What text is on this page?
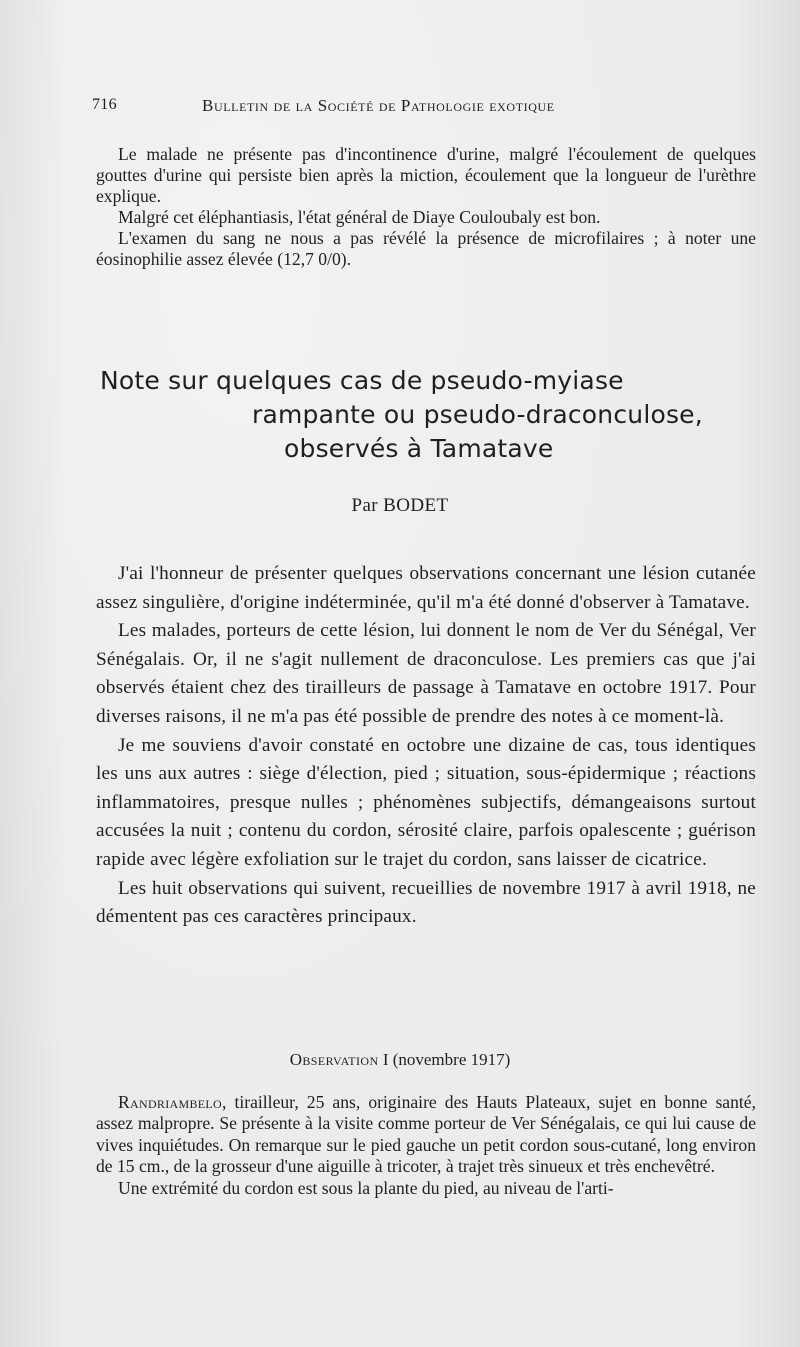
716	Bulletin de la Société de Pathologie exotique

Le malade ne présente pas d'incontinence d'urine, malgré l'écoulement de quelques gouttes d'urine qui persiste bien après la miction, écoulement que la longueur de l'urèthre explique.

Malgré cet éléphantiasis, l'état général de Diaye Couloubaly est bon.

L'examen du sang ne nous a pas révélé la présence de microfilaires ; à noter une éosinophilie assez élevée (12,7 0/0).

Note sur quelques cas de pseudo-myiase
rampante ou pseudo-draconculose,
observés à Tamatave
Par BODET

J'ai l'honneur de présenter quelques observations concernant une lésion cutanée assez singulière, d'origine indéterminée, qu'il m'a été donné d'observer à Tamatave.

Les malades, porteurs de cette lésion, lui donnent le nom de Ver du Sénégal, Ver Sénégalais. Or, il ne s'agit nullement de draconculose. Les premiers cas que j'ai observés étaient chez des tirailleurs de passage à Tamatave en octobre 1917. Pour diverses raisons, il ne m'a pas été possible de prendre des notes à ce moment-là.

Je me souviens d'avoir constaté en octobre une dizaine de cas, tous identiques les uns aux autres : siège d'élection, pied ; situation, sous-épidermique ; réactions inflammatoires, presque nulles ; phénomènes subjectifs, démangeaisons surtout accusées la nuit ; contenu du cordon, sérosité claire, parfois opalescente ; guérison rapide avec légère exfoliation sur le trajet du cordon, sans laisser de cicatrice.

Les huit observations qui suivent, recueillies de novembre 1917 à avril 1918, ne démentent pas ces caractères principaux.

Observation I (novembre 1917)

Randriambelo, tirailleur, 25 ans, originaire des Hauts Plateaux, sujet en bonne santé, assez malpropre. Se présente à la visite comme porteur de Ver Sénégalais, ce qui lui cause de vives inquiétudes. On remarque sur le pied gauche un petit cordon sous-cutané, long environ de 15 cm., de la grosseur d'une aiguille à tricoter, à trajet très sinueux et très enchevêtré.

Une extrémité du cordon est sous la plante du pied, au niveau de l'arti-
